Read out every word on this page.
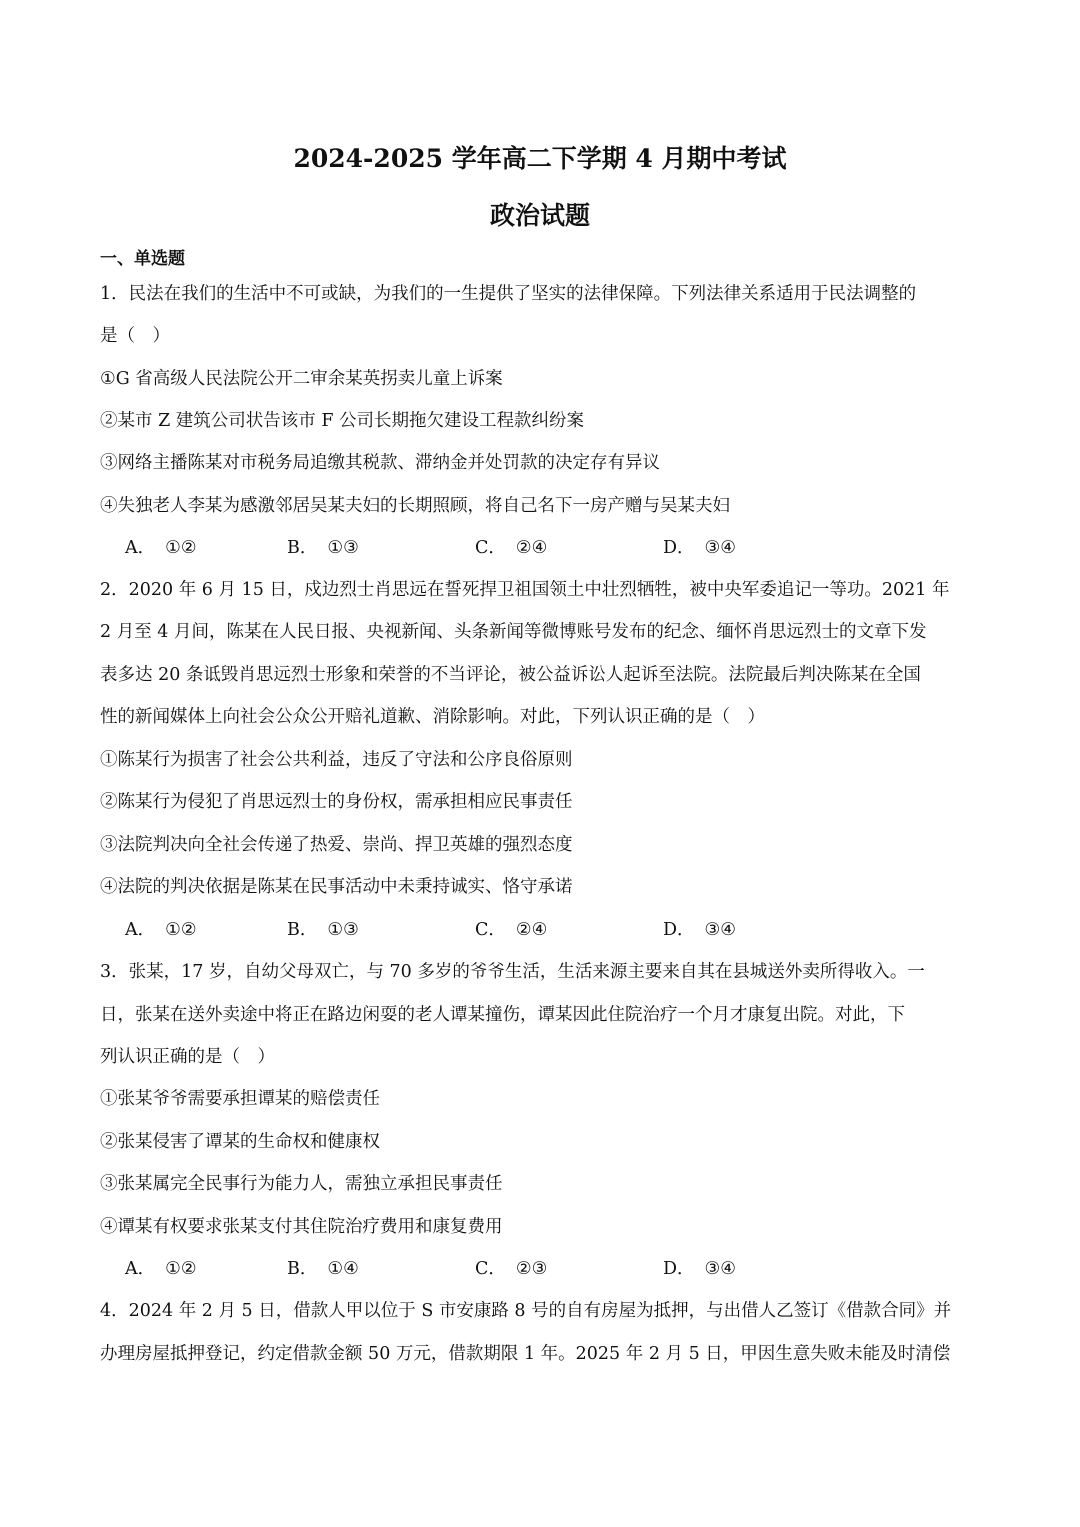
2024-2025 学年高二下学期 4 月期中考试
政治试题
一、单选题
1．民法在我们的生活中不可或缺，为我们的一生提供了坚实的法律保障。下列法律关系适用于民法调整的
是（　）
①G 省高级人民法院公开二审余某英拐卖儿童上诉案
②某市 Z 建筑公司状告该市 F 公司长期拖欠建设工程款纠纷案
③网络主播陈某对市税务局追缴其税款、滞纳金并处罚款的决定存有异议
④失独老人李某为感激邻居吴某夫妇的长期照顾，将自己名下一房产赠与吴某夫妇
A． ①②	B． ①③	C． ②④	D． ③④
2．2020 年 6 月 15 日，戍边烈士肖思远在誓死捍卫祖国领土中壮烈牺牲，被中央军委追记一等功。2021 年
2 月至 4 月间，陈某在人民日报、央视新闻、头条新闻等微博账号发布的纪念、缅怀肖思远烈士的文章下发
表多达 20 条诋毁肖思远烈士形象和荣誉的不当评论，被公益诉讼人起诉至法院。法院最后判决陈某在全国
性的新闻媒体上向社会公众公开赔礼道歉、消除影响。对此，下列认识正确的是（　）
①陈某行为损害了社会公共利益，违反了守法和公序良俗原则
②陈某行为侵犯了肖思远烈士的身份权，需承担相应民事责任
③法院判决向全社会传递了热爱、崇尚、捍卫英雄的强烈态度
④法院的判决依据是陈某在民事活动中未秉持诚实、恪守承诺
A． ①②	B． ①③	C． ②④	D． ③④
3．张某，17 岁，自幼父母双亡，与 70 多岁的爷爷生活，生活来源主要来自其在县城送外卖所得收入。一
日，张某在送外卖途中将正在路边闲耍的老人谭某撞伤，谭某因此住院治疗一个月才康复出院。对此，下
列认识正确的是（　）
①张某爷爷需要承担谭某的赔偿责任
②张某侵害了谭某的生命权和健康权
③张某属完全民事行为能力人，需独立承担民事责任
④谭某有权要求张某支付其住院治疗费用和康复费用
A． ①②	B． ①④	C． ②③	D． ③④
4．2024 年 2 月 5 日，借款人甲以位于 S 市安康路 8 号的自有房屋为抵押，与出借人乙签订《借款合同》并
办理房屋抵押登记，约定借款金额 50 万元，借款期限 1 年。2025 年 2 月 5 日，甲因生意失败未能及时清偿
